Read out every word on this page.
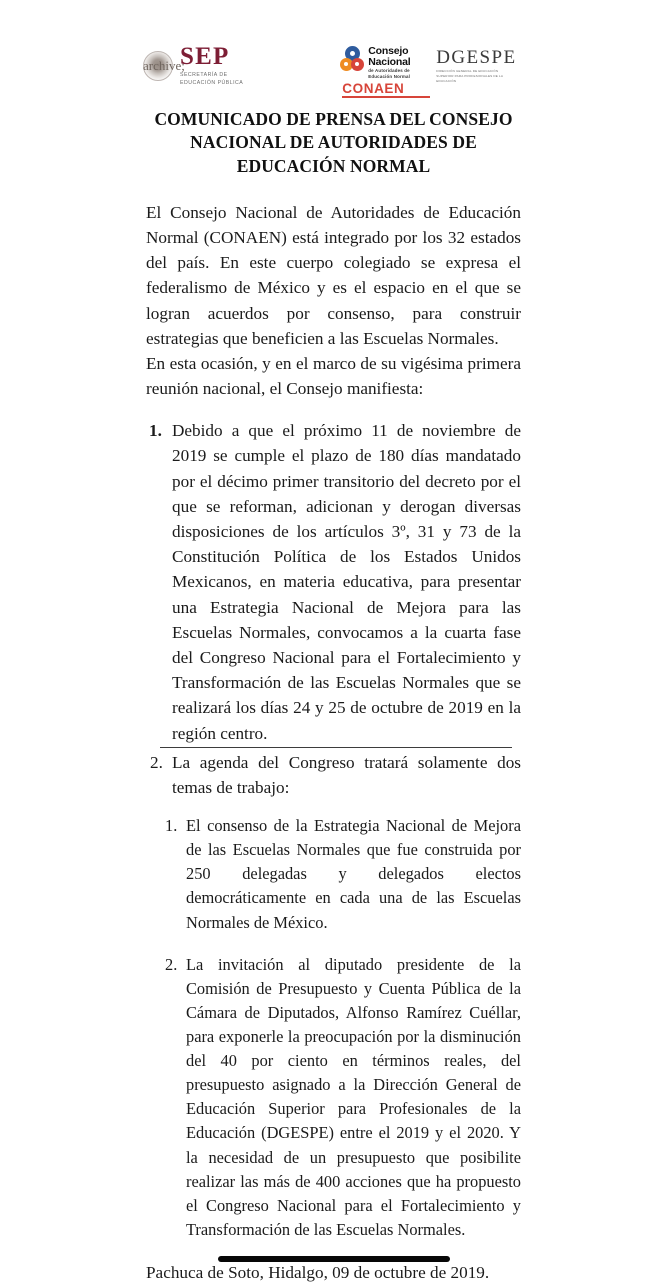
archive;
SEP
SECRETARÍA DE
EDUCACIÓN PÚBLICA
Consejo
Nacional
de Autoridades de
Educación Normal
CONAEN
DGESPE
DIRECCIÓN GENERAL DE EDUCACIÓN SUPERIOR PARA PROFESIONALES DE LA EDUCACIÓN
COMUNICADO DE PRENSA DEL CONSEJO NACIONAL DE AUTORIDADES DE EDUCACIÓN NORMAL

El Consejo Nacional de Autoridades de Educación Normal (CONAEN) está integrado por los 32 estados del país. En este cuerpo colegiado se expresa el federalismo de México y es el espacio en el que se logran acuerdos por consenso, para construir estrategias que beneficien a las Escuelas Normales.

En esta ocasión, y en el marco de su vigésima primera reunión nacional, el Consejo manifiesta:

1. Debido a que el próximo 11 de noviembre de 2019 se cumple el plazo de 180 días mandatado por el décimo primer transitorio del decreto por el que se reforman, adicionan y derogan diversas disposiciones de los artículos 3º, 31 y 73 de la Constitución Política de los Estados Unidos Mexicanos, en materia educativa, para presentar una Estrategia Nacional de Mejora para las Escuelas Normales, convocamos a la cuarta fase del Congreso Nacional para el Fortalecimiento y Transformación de las Escuelas Normales que se realizará los días 24 y 25 de octubre de 2019 en la región centro.
2. La agenda del Congreso tratará solamente dos temas de trabajo:
1. El consenso de la Estrategia Nacional de Mejora de las Escuelas Normales que fue construida por 250 delegadas y delegados electos democráticamente en cada una de las Escuelas Normales de México.
2. La invitación al diputado presidente de la Comisión de Presupuesto y Cuenta Pública de la Cámara de Diputados, Alfonso Ramírez Cuéllar, para exponerle la preocupación por la disminución del 40 por ciento en términos reales, del presupuesto asignado a la Dirección General de Educación Superior para Profesionales de la Educación (DGESPE) entre el 2019 y el 2020. Y la necesidad de un presupuesto que posibilite realizar las más de 400 acciones que ha propuesto el Congreso Nacional para el Fortalecimiento y Transformación de las Escuelas Normales.

Pachuca de Soto, Hidalgo, 09 de octubre de 2019.
